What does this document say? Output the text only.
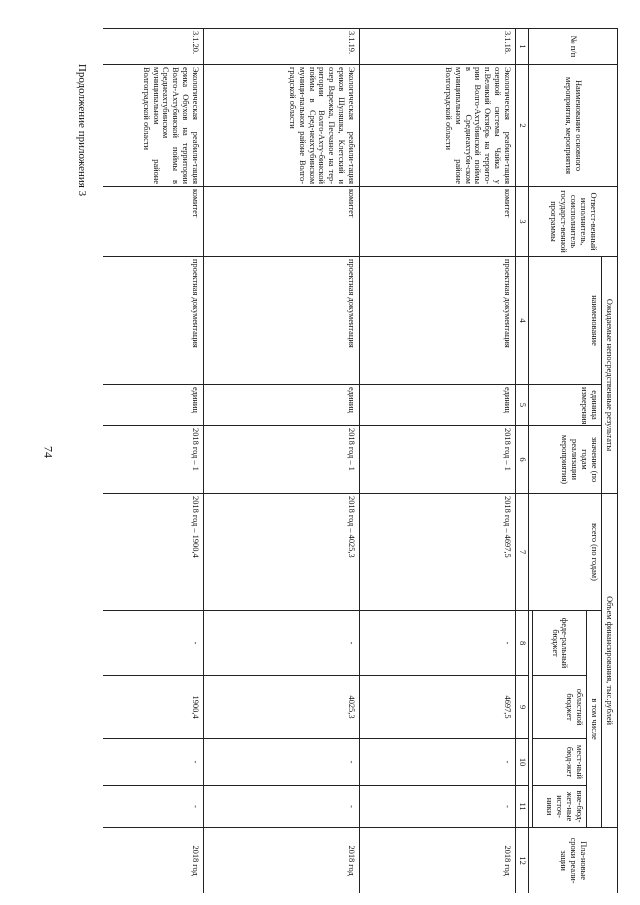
74
Продолжение приложения 3
№ п/п	Наименование основного мероприятия, мероприятия	Ответст-венный исполнитель, соисполнитель государст-венной программы	Ожидаемые непосредственные результаты			Объем финансирования, тыс.рублей					Пла-новые сроки реали-зации
			наименование	единица измерения	значение (по годам реализации мероприятия)	всего (по годам)	в том числе				
							феде-ральный бюджет	областной бюджет	мест-ный бюд-жет	вне-бюд-жет-ные источ-ники	

1	2	3	4	5	6	7	8	9	10	11	12
3.1.18.	Экологическая реабили-тация озерной системы Чайка у п.Великий Октябрь на террито-рии Волго-Ахтубинской поймы в Среднеахтуби-ском муниципальном районе Волгоградской области	комитет	проектная документация	единиц	2018 год – 1	2018 год – 4697,5	-	4697,5	-	-	2018 год
3.1.19.	Экологическая реабили-тация ериков Шуляшка, Клетский и озер Варежка, Песчаное на тер-ритории Волго-Ахту-бинской поймы в Сред-неахтубинском муници-пальном районе Волго-градской области	комитет	проектная документация	единиц	2018 год – 1	2018 год – 4025,3	-	4025,3	-	-	2018 год
3.1.20.	Экологическая реабили-тация ерика Обухов на территории Волго-Ахтубинской поймы в Среднеахтубинском муниципальном районе Волгоградской области	комитет	проектная документация	единиц	2018 год – 1	2018 год – 1900,4	-	1900,4	-	-	2018 год
